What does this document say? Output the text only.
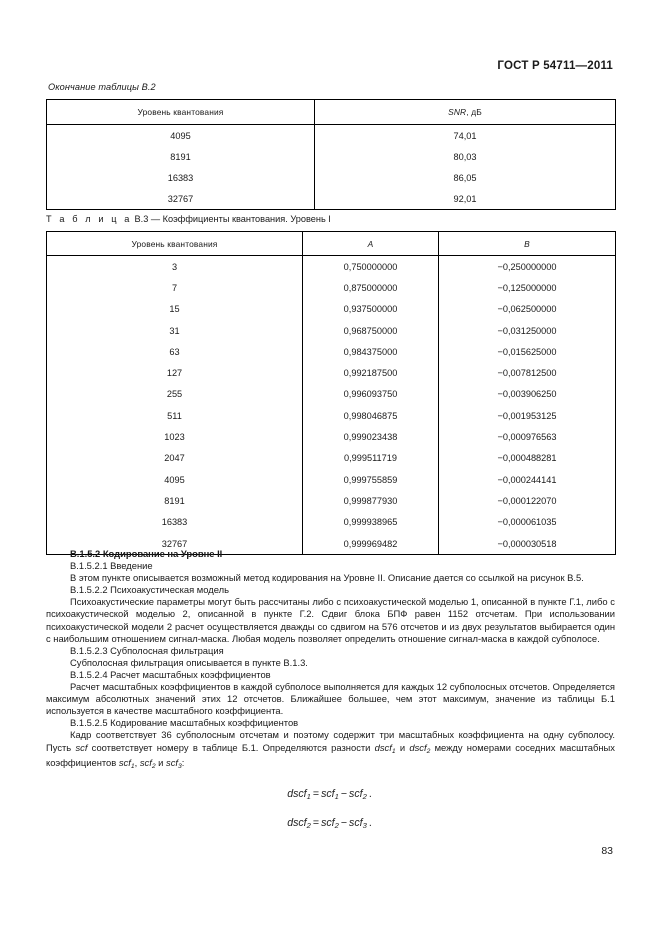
ГОСТ Р 54711—2011
Окончание таблицы В.2
Уровень квантования	SNR, дБ
4095	74,01
8191	80,03
16383	86,05
32767	92,01
Т а б л и ц а В.3 — Коэффициенты квантования. Уровень I
Уровень квантования	A	B
3	0,750000000	−0,250000000
7	0,875000000	−0,125000000
15	0,937500000	−0,062500000
31	0,968750000	−0,031250000
63	0,984375000	−0,015625000
127	0,992187500	−0,007812500
255	0,996093750	−0,003906250
511	0,998046875	−0,001953125
1023	0,999023438	−0,000976563
2047	0,999511719	−0,000488281
4095	0,999755859	−0,000244141
8191	0,999877930	−0,000122070
16383	0,999938965	−0,000061035
32767	0,999969482	−0,000030518

В.1.5.2 Кодирование на Уровне II

В.1.5.2.1 Введение

В этом пункте описывается возможный метод кодирования на Уровне II. Описание дается со ссылкой на рисунок В.5.

В.1.5.2.2 Психоакустическая модель

Психоакустические параметры могут быть рассчитаны либо с психоакустической моделью 1, описанной в пункте Г.1, либо с психоакустической моделью 2, описанной в пункте Г.2. Сдвиг блока БПФ равен 1152 отсчетам. При использовании психоакустической модели 2 расчет осуществляется дважды со сдвигом на 576 отсчетов и из двух результатов выбирается один с наибольшим отношением сигнал-маска. Любая модель позволяет определить отношение сигнал-маска в каждой субполосе.

В.1.5.2.3 Субполосная фильтрация

Субполосная фильтрация описывается в пункте В.1.3.

В.1.5.2.4 Расчет масштабных коэффициентов

Расчет масштабных коэффициентов в каждой субполосе выполняется для каждых 12 субполосных отсчетов. Определяется максимум абсолютных значений этих 12 отсчетов. Ближайшее большее, чем этот максимум, значение из таблицы Б.1 используется в качестве масштабного коэффициента.

В.1.5.2.5 Кодирование масштабных коэффициентов

Кадр соответствует 36 субполосным отсчетам и поэтому содержит три масштабных коэффициента на одну субполосу. Пусть scf соответствует номеру в таблице Б.1. Определяются разности dscf$_1$ и dscf$_2$ между номерами соседних масштабных коэффициентов scf$_1$, scf$_2$ и scf$_3$:

dscf$_1$ = scf$_1$ − scf$_2$ .
dscf$_2$ = scf$_2$ − scf$_3$ .
83
